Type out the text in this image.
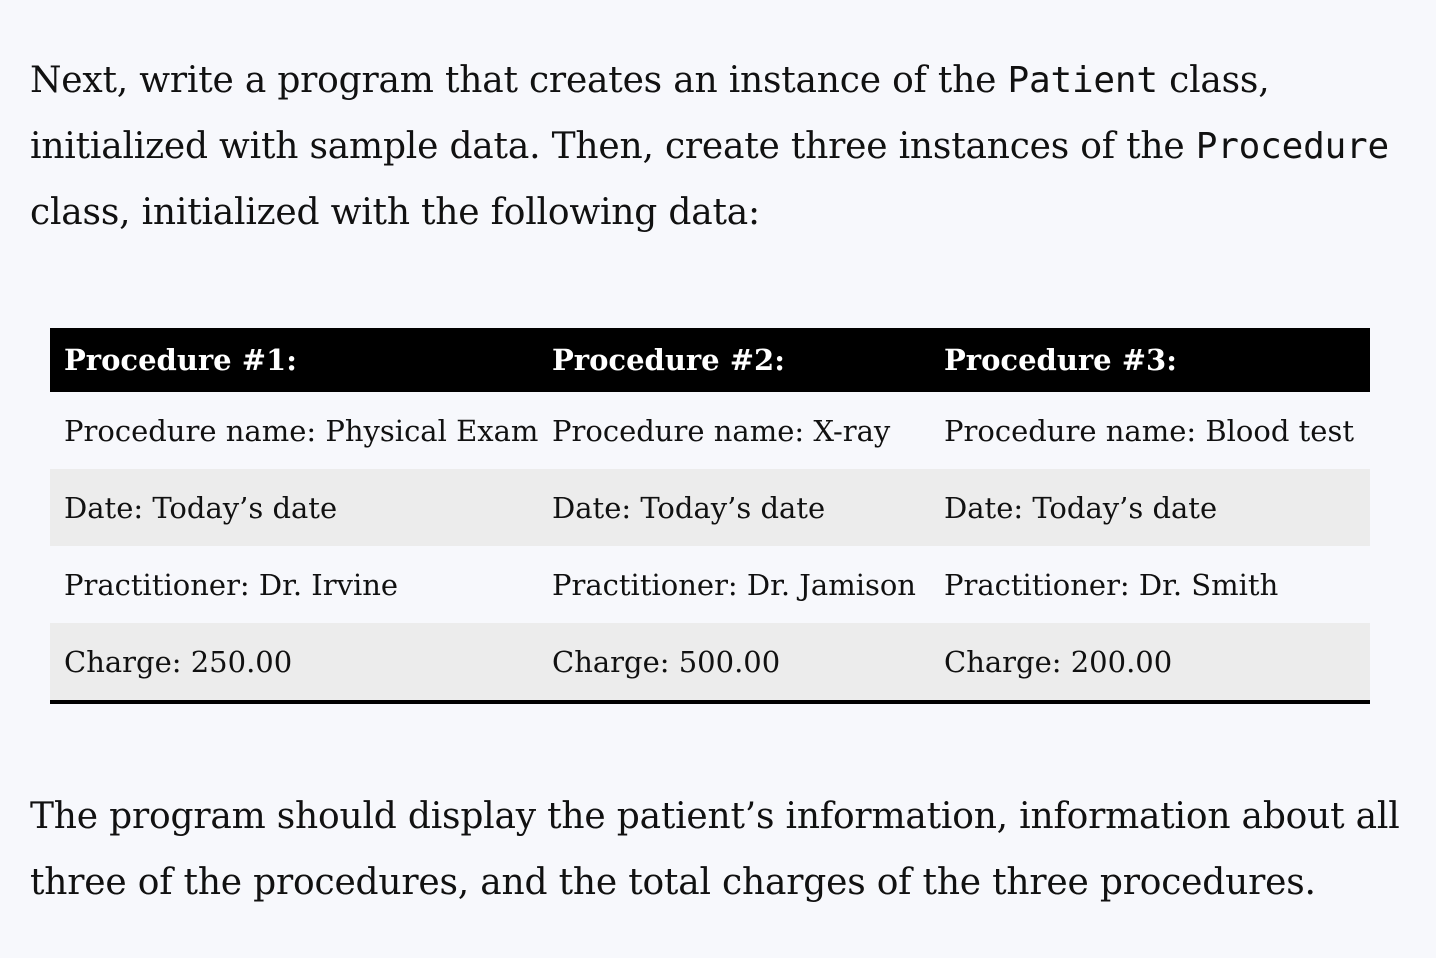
Next, write a program that creates an instance of the Patient class, initialized with sample data. Then, create three instances of the Procedure class, initialized with the following data:

Procedure #1:	Procedure #2:	Procedure #3:
Procedure name: Physical Exam	Procedure name: X-ray	Procedure name: Blood test
Date: Today’s date	Date: Today’s date	Date: Today’s date
Practitioner: Dr. Irvine	Practitioner: Dr. Jamison	Practitioner: Dr. Smith
Charge: 250.00	Charge: 500.00	Charge: 200.00

The program should display the patient’s information, information about all three of the procedures, and the total charges of the three procedures.
